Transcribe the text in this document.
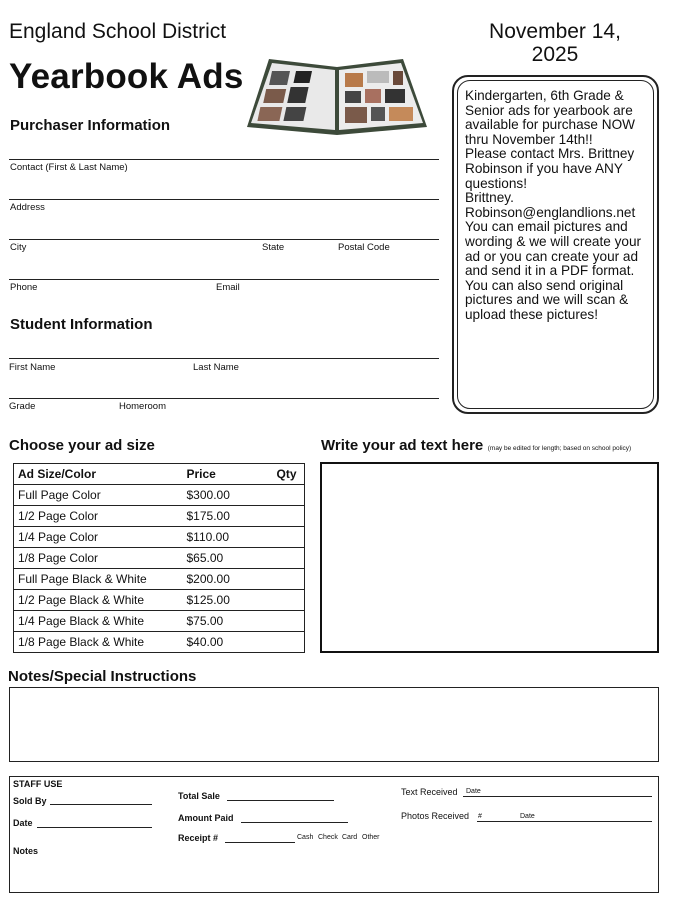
England School District
Yearbook Ads
November 14,
2025
Kindergarten, 6th Grade &
Senior ads for yearbook are
available for purchase NOW
thru November 14th!!
Please contact Mrs. Brittney
Robinson if you have ANY
questions!
Brittney.
Robinson@englandlions.net
You can email pictures and
wording & we will create your
ad or you can create your ad
and send it in a PDF format.
You can also send original
pictures and we will scan &
upload these pictures!
Purchaser Information
Contact (First & Last Name)
Address
City	State	Postal Code
Phone	Email
Student Information
First Name	Last Name
Grade	Homeroom
Choose your ad size
Ad Size/Color	Price	Qty
Full Page Color	$300.00	
1/2 Page Color	$175.00	
1/4 Page Color	$110.00	
1/8 Page Color	$65.00	
Full Page Black & White	$200.00	
1/2 Page Black & White	$125.00	
1/4 Page Black & White	$75.00	
1/8 Page Black & White	$40.00	
Write your ad text here (may be edited for length; based on school policy)
Notes/Special Instructions
STAFF USE
Sold By
Date
Notes
Total Sale
Amount Paid
Receipt #	Cash Check Card Other
Text Received Date
Photos Received #	Date
